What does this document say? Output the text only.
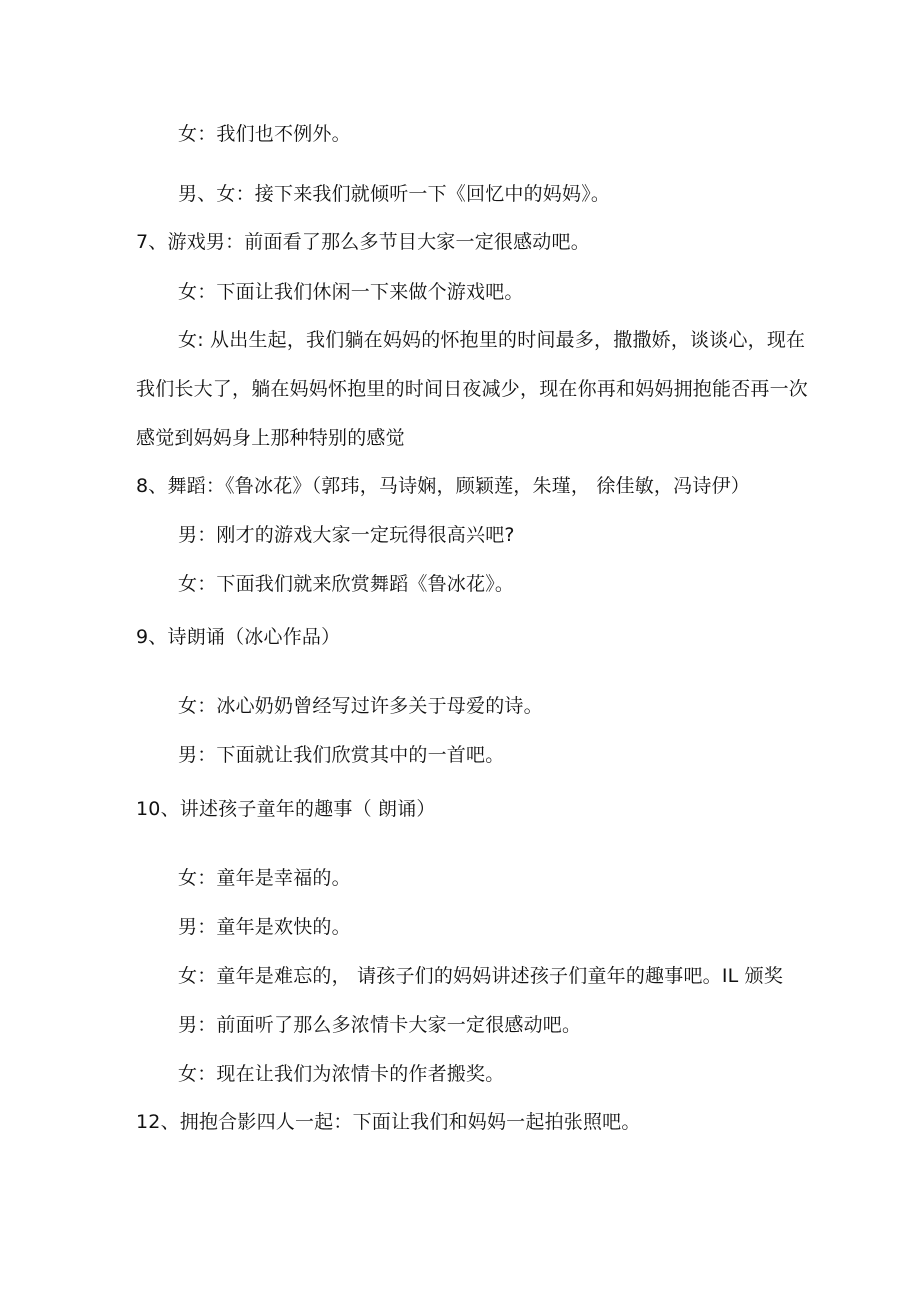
女：我们也不例外。
男、女：接下来我们就倾听一下《回忆中的妈妈》。
7、游戏男：前面看了那么多节目大家一定很感动吧。
女：下面让我们休闲一下来做个游戏吧。
女: 从出生起，我们躺在妈妈的怀抱里的时间最多，撒撒娇，谈谈心，现在
我们长大了，躺在妈妈怀抱里的时间日夜减少，现在你再和妈妈拥抱能否再一次
感觉到妈妈身上那种特别的感觉
8、舞蹈：《鲁冰花》（郭玮，马诗娴，顾颖莲，朱瑾， 徐佳敏，冯诗伊）
男：刚才的游戏大家一定玩得很高兴吧?
女：下面我们就来欣赏舞蹈《鲁冰花》。
9、诗朗诵（冰心作品）
女：冰心奶奶曾经写过许多关于母爱的诗。
男：下面就让我们欣赏其中的一首吧。
10、讲述孩子童年的趣事（ 朗诵）
女：童年是幸福的。
男：童年是欢快的。
女：童年是难忘的， 请孩子们的妈妈讲述孩子们童年的趣事吧。IL 颁奖
男：前面听了那么多浓情卡大家一定很感动吧。
女：现在让我们为浓情卡的作者搬奖。
12、拥抱合影四人一起：下面让我们和妈妈一起拍张照吧。
